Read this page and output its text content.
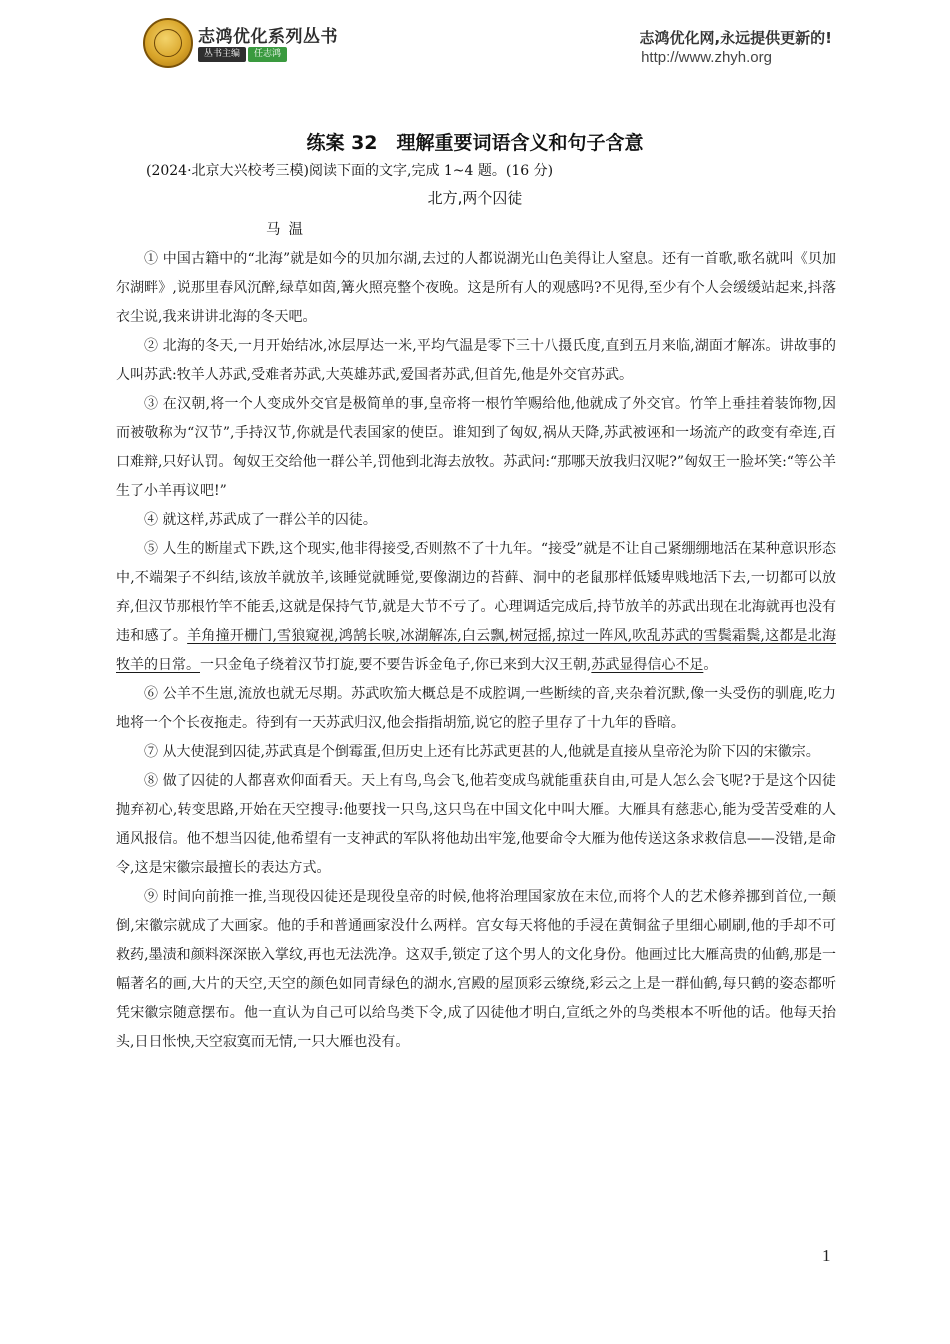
志鸿优化系列丛书
丛书主编 任志鸿
志鸿优化网,永远提供更新的!
http://www.zhyh.org
练案 32　理解重要词语含义和句子含意
(2024·北京大兴校考三模)阅读下面的文字,完成 1~4 题。(16 分)
北方,两个囚徒
马温

① 中国古籍中的“北海”就是如今的贝加尔湖,去过的人都说湖光山色美得让人窒息。还有一首歌,歌名就叫《贝加尔湖畔》,说那里春风沉醉,绿草如茵,篝火照亮整个夜晚。这是所有人的观感吗?不见得,至少有个人会缓缓站起来,抖落衣尘说,我来讲讲北海的冬天吧。

② 北海的冬天,一月开始结冰,冰层厚达一米,平均气温是零下三十八摄氏度,直到五月来临,湖面才解冻。讲故事的人叫苏武:牧羊人苏武,受难者苏武,大英雄苏武,爱国者苏武,但首先,他是外交官苏武。

③ 在汉朝,将一个人变成外交官是极简单的事,皇帝将一根竹竿赐给他,他就成了外交官。竹竿上垂挂着装饰物,因而被敬称为“汉节”,手持汉节,你就是代表国家的使臣。谁知到了匈奴,祸从天降,苏武被诬和一场流产的政变有牵连,百口难辩,只好认罚。匈奴王交给他一群公羊,罚他到北海去放牧。苏武问:“那哪天放我归汉呢?”匈奴王一脸坏笑:“等公羊生了小羊再议吧!”

④ 就这样,苏武成了一群公羊的囚徒。

⑤ 人生的断崖式下跌,这个现实,他非得接受,否则熬不了十九年。“接受”就是不让自己紧绷绷地活在某种意识形态中,不端架子不纠结,该放羊就放羊,该睡觉就睡觉,要像湖边的苔藓、洞中的老鼠那样低矮卑贱地活下去,一切都可以放弃,但汉节那根竹竿不能丢,这就是保持气节,就是大节不亏了。心理调适完成后,持节放羊的苏武出现在北海就再也没有违和感了。羊角撞开栅门,雪狼窥视,鸿鹄长唳,冰湖解冻,白云飘,树冠摇,掠过一阵风,吹乱苏武的雪鬓霜鬓,这都是北海牧羊的日常。一只金龟子绕着汉节打旋,要不要告诉金龟子,你已来到大汉王朝,苏武显得信心不足。

⑥ 公羊不生崽,流放也就无尽期。苏武吹笳大概总是不成腔调,一些断续的音,夹杂着沉默,像一头受伤的驯鹿,吃力地将一个个长夜拖走。待到有一天苏武归汉,他会指指胡笳,说它的腔子里存了十九年的昏暗。

⑦ 从大使混到囚徒,苏武真是个倒霉蛋,但历史上还有比苏武更甚的人,他就是直接从皇帝沦为阶下囚的宋徽宗。

⑧ 做了囚徒的人都喜欢仰面看天。天上有鸟,鸟会飞,他若变成鸟就能重获自由,可是人怎么会飞呢?于是这个囚徒抛弃初心,转变思路,开始在天空搜寻:他要找一只鸟,这只鸟在中国文化中叫大雁。大雁具有慈悲心,能为受苦受难的人通风报信。他不想当囚徒,他希望有一支神武的军队将他劫出牢笼,他要命令大雁为他传送这条求救信息——没错,是命令,这是宋徽宗最擅长的表达方式。

⑨ 时间向前推一推,当现役囚徒还是现役皇帝的时候,他将治理国家放在末位,而将个人的艺术修养挪到首位,一颠倒,宋徽宗就成了大画家。他的手和普通画家没什么两样。宫女每天将他的手浸在黄铜盆子里细心刷刷,他的手却不可救药,墨渍和颜料深深嵌入掌纹,再也无法洗净。这双手,锁定了这个男人的文化身份。他画过比大雁高贵的仙鹤,那是一幅著名的画,大片的天空,天空的颜色如同青绿色的湖水,宫殿的屋顶彩云缭绕,彩云之上是一群仙鹤,每只鹤的姿态都听凭宋徽宗随意摆布。他一直认为自己可以给鸟类下令,成了囚徒他才明白,宣纸之外的鸟类根本不听他的话。他每天抬头,日日怅怏,天空寂寞而无情,一只大雁也没有。

1
